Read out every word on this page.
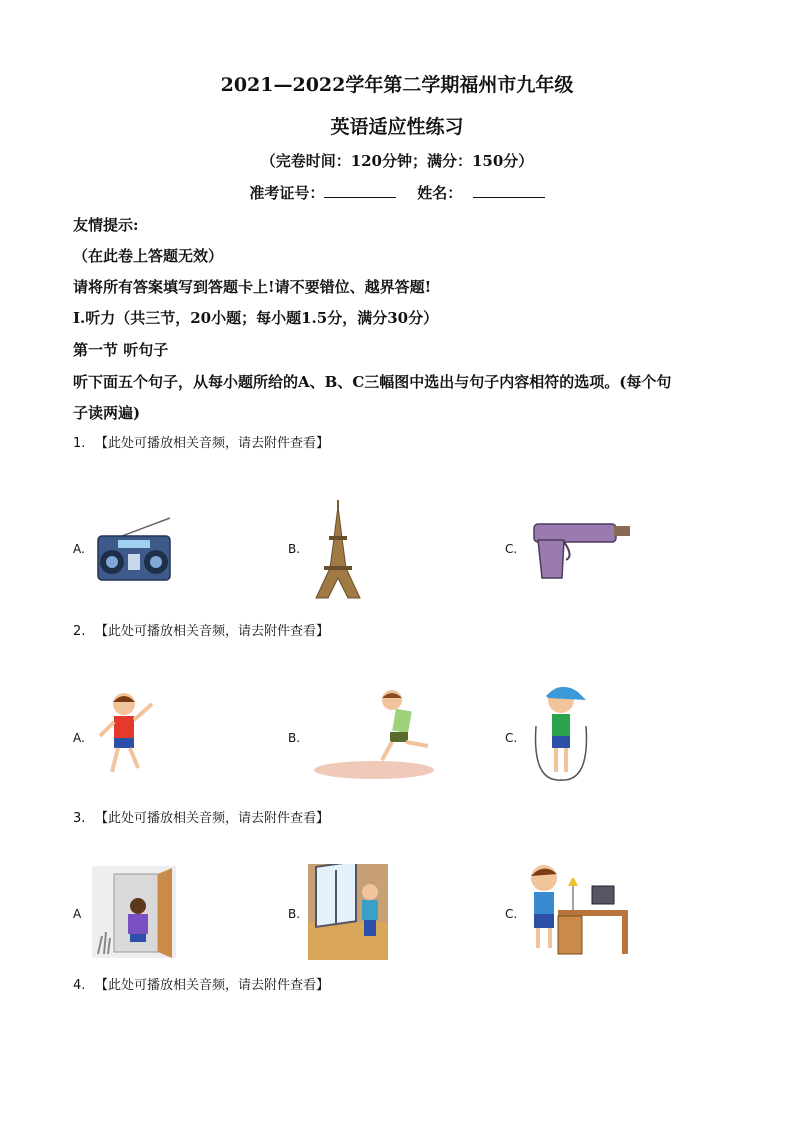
2021—2022学年第二学期福州市九年级
英语适应性练习
（完卷时间：120分钟；满分：150分）
准考证号：	姓名：
友情提示:
（在此卷上答题无效）
请将所有答案填写到答题卡上!请不要错位、越界答题!
I.听力（共三节，20小题；每小题1.5分，满分30分）
第一节 听句子
听下面五个句子，从每小题所给的A、B、C三幅图中选出与句子内容相符的选项。(每个句
子读两遍)
1. 【此处可播放相关音频，请去附件查看】
A.	B.	C.
2. 【此处可播放相关音频，请去附件查看】
A.	B.	C.
3. 【此处可播放相关音频，请去附件查看】
A	B.	C.
4. 【此处可播放相关音频，请去附件查看】
